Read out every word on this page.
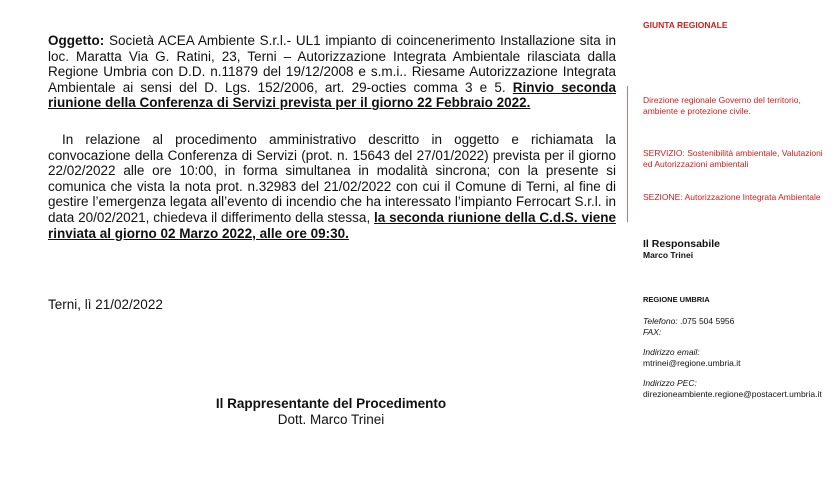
Oggetto: Società ACEA Ambiente S.r.l.- UL1 impianto di coincenerimento Installazione sita in loc. Maratta Via G. Ratini, 23, Terni – Autorizzazione Integrata Ambientale rilasciata dalla Regione Umbria con D.D. n.11879 del 19/12/2008 e s.m.i.. Riesame Autorizzazione Integrata Ambientale ai sensi del D. Lgs. 152/2006, art. 29-octies comma 3 e 5. Rinvio seconda riunione della Conferenza di Servizi prevista per il giorno 22 Febbraio 2022.

In relazione al procedimento amministrativo descritto in oggetto e richiamata la convocazione della Conferenza di Servizi (prot. n. 15643 del 27/01/2022) prevista per il giorno 22/02/2022 alle ore 10:00, in forma simultanea in modalità sincrona; con la presente si comunica che vista la nota prot. n.32983 del 21/02/2022 con cui il Comune di Terni, al fine di gestire l’emergenza legata all’evento di incendio che ha interessato l’impianto Ferrocart S.r.l. in data 20/02/2021, chiedeva il differimento della stessa, la seconda riunione della C.d.S. viene rinviata al giorno 02 Marzo 2022, alle ore 09:30.

Terni, lì 21/02/2022
Il Rappresentante del Procedimento
Dott. Marco Trinei
GIUNTA REGIONALE
Direzione regionale Governo del territorio, ambiente e protezione civile.
SERVIZIO: Sostenibilità ambientale, Valutazioni ed Autorizzazioni ambientali
SEZIONE: Autorizzazione Integrata Ambientale
Il Responsabile
Marco Trinei
REGIONE UMBRIA
Telefono: .075 504 5956
FAX:
Indirizzo email:
mtrinei@regione.umbria.it
Indirizzo PEC:
direzioneambiente.regione@postacert.umbria.it
